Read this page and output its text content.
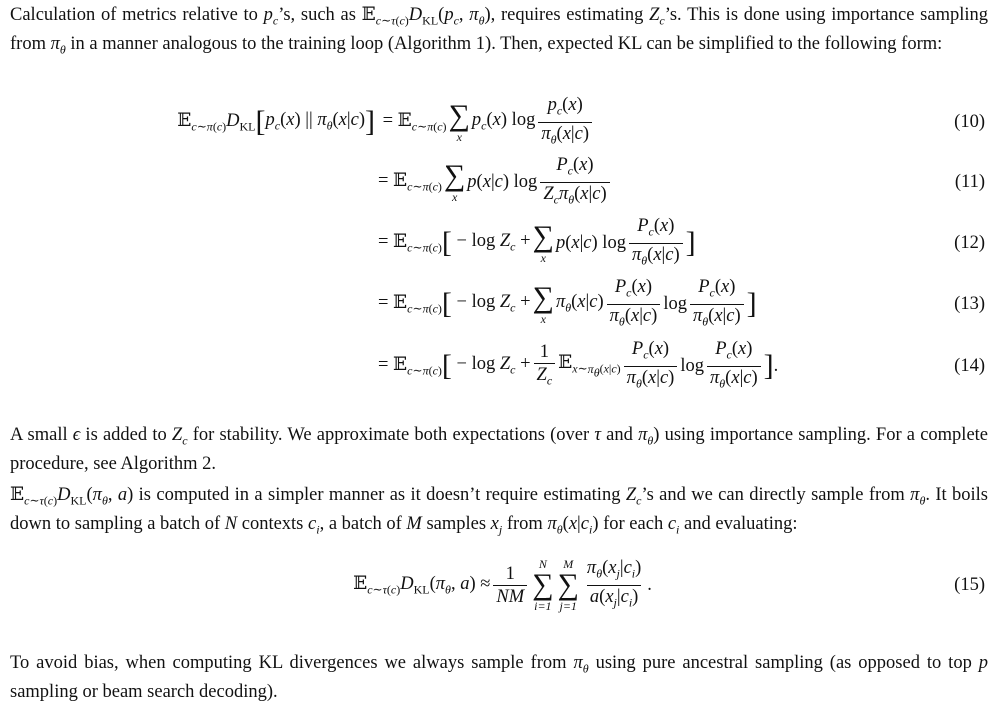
Calculation of metrics relative to $p_c’s$, such as $𝔼_{c\sim\tau(c)}D_{KL}(p_c$, $\pi_\theta$), requires estimating $Z_c’s$. This is done using importance sampling from $\pi_\theta$ in a manner analogous to the training loop (Algorithm 1). Then, expected KL can be simplified to the following form:
$𝔼_{c\sim\pi(c)}D_{KL}$ [ $p_c(x)$ || $\pi_\theta(x|c)$ ] = 𝔼$_{c\sim\pi(c)}$ ∑
x
$p_c(x)$ $\log \frac{p_c(x)}{\pi_\theta(x|c)}$	(10)
= 𝔼$_{c\sim\pi(c)}$ ∑
x
p(x|c) $\log \frac{P_c(x)}{Z_c\pi_\theta(x|c)}$	(11)
= 𝔼$_{c\sim\pi(c)}$ [ − $\log Z_c$ + ∑
x
p(x|c) $\log \frac{P_c(x)}{\pi_\theta(x|c)}$ ]	(12)
= 𝔼$_{c\sim\pi(c)}$ [ − $\log Z_c$ + ∑
x
$\pi_\theta(x|c) \frac{P_c(x)}{\pi_\theta(x|c)}$ $\log \frac{P_c(x)}{\pi_\theta(x|c)}$ ]	(13)
= 𝔼$_{c\sim\pi(c)}$ [ − $\log Z_c + \frac{1}{Z_c}$ 𝔼$_{x\sim\pi_\theta(x|c)}$ $\frac{P_c(x)}{\pi_\theta(x|c)}$ $\log \frac{P_c(x)}{\pi_\theta(x|c)}$ ] .	(14)
A small ϵ is added to $Z_c$ for stability. We approximate both expectations (over τ and $\pi_\theta$) using importance sampling. For a complete procedure, see Algorithm 2.
$𝔼_{c\sim\tau(c)}D_{KL}(\pi_\theta$, a) is computed in a simpler manner as it doesn’t require estimating $Z_c’s$ and we can directly sample from $\pi_\theta$. It boils down to sampling a batch of N contexts $c_i$, a batch of M samples $x_j$ from $\pi_\theta(x|c_i)$ for each $c_i$ and evaluating:
$𝔼_{c\sim\tau(c)}D_{KL}(\pi_\theta$, $a) \approx \frac{1}{NM}$ N
∑
i=1
M
∑
$j=1 \frac{\pi_\theta(x_j|c_i)}{a(x_j|c_i)}$ .	(15)
To avoid bias, when computing KL divergences we always sample from $\pi_\theta$ using pure ancestral sampling (as opposed to top p sampling or beam search decoding).
